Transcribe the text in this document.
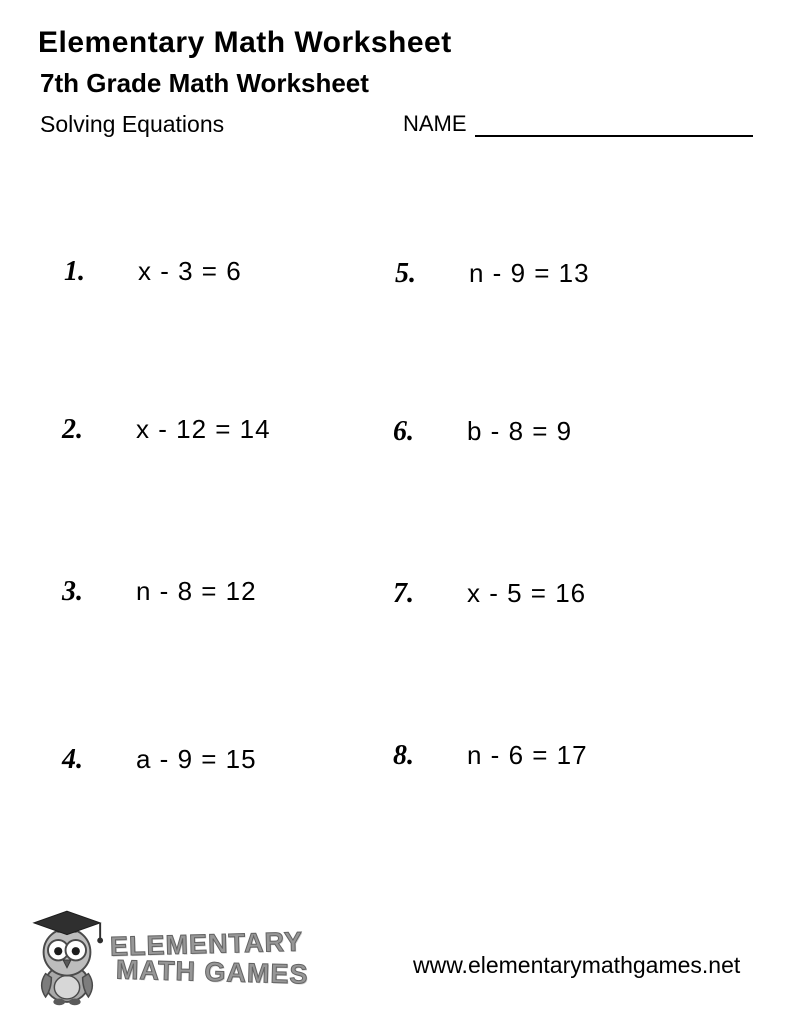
Elementary Math Worksheet
7th Grade Math Worksheet
Solving Equations	NAME
1.	x - 3 = 6
2.	x - 12 = 14
3.	n - 8 = 12
4.	a - 9 = 15
5.	n - 9 = 13
6.	b - 8 = 9
7.	x - 5 = 16
8.	n - 6 = 17
ELEMENTARY
MATH GAMES	www.elementarymathgames.net
